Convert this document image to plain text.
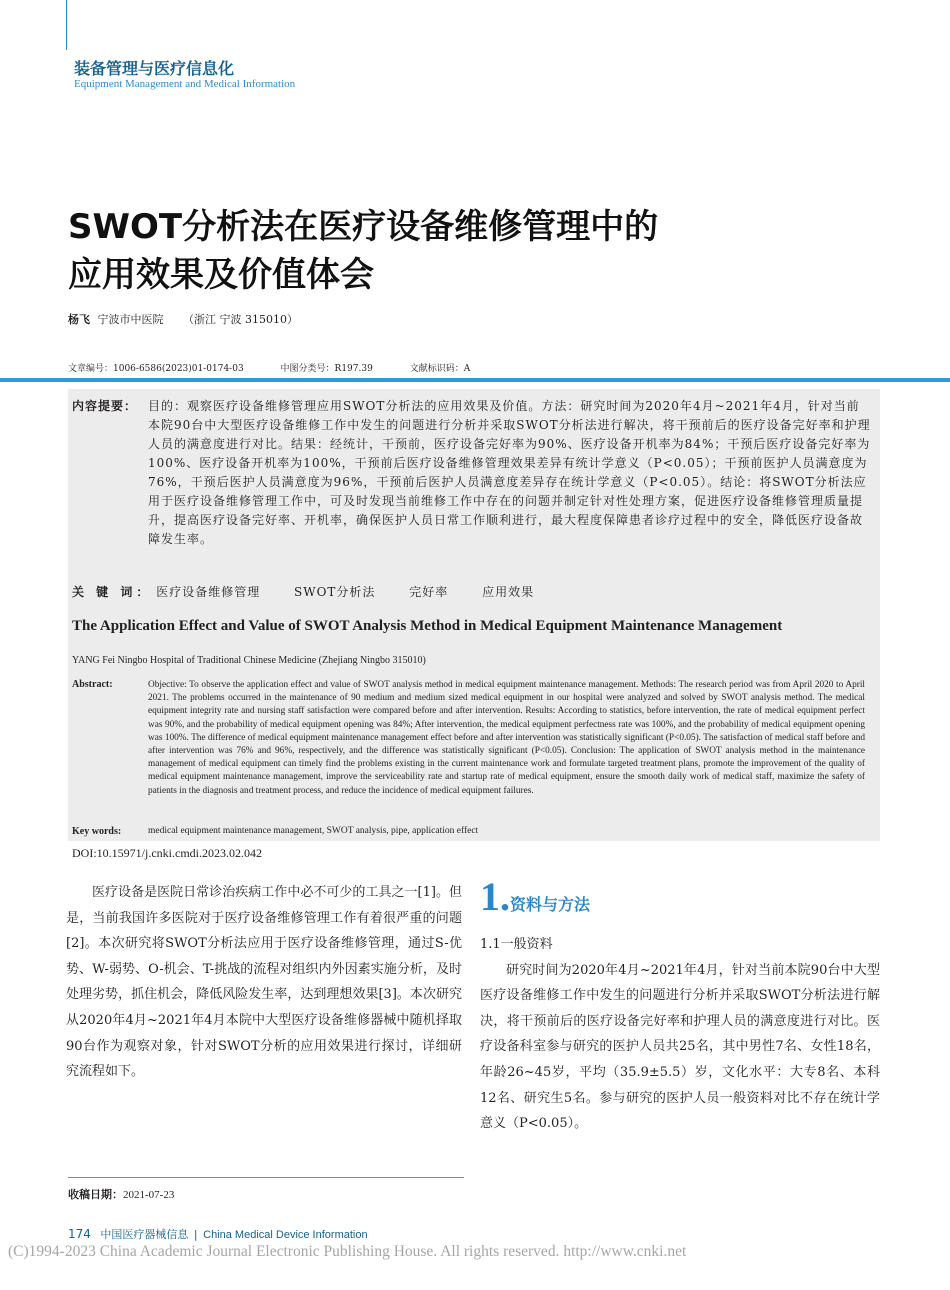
装备管理与医疗信息化
Equipment Management and Medical Information
SWOT分析法在医疗设备维修管理中的
应用效果及价值体会
杨飞 宁波市中医院 （浙江 宁波 315010）
文章编号：1006-6586(2023)01-0174-03	中图分类号：R197.39	文献标识码：A
内容提要： 目的：观察医疗设备维修管理应用SWOT分析法的应用效果及价值。方法：研究时间为2020年4月~2021年4月，针对当前本院90台中大型医疗设备维修工作中发生的问题进行分析并采取SWOT分析法进行解决，将干预前后的医疗设备完好率和护理人员的满意度进行对比。结果：经统计，干预前，医疗设备完好率为90%、医疗设备开机率为84%；干预后医疗设备完好率为100%、医疗设备开机率为100%，干预前后医疗设备维修管理效果差异有统计学意义（P<0.05）；干预前医护人员满意度为76%，干预后医护人员满意度为96%，干预前后医护人员满意度差异存在统计学意义（P<0.05）。结论：将SWOT分析法应用于医疗设备维修管理工作中，可及时发现当前维修工作中存在的问题并制定针对性处理方案，促进医疗设备维修管理质量提升，提高医疗设备完好率、开机率，确保医护人员日常工作顺利进行，最大程度保障患者诊疗过程中的安全，降低医疗设备故障发生率。
关 键 词： 医疗设备维修管理	SWOT分析法	完好率	应用效果
The Application Effect and Value of SWOT Analysis Method in Medical Equipment Maintenance Management
YANG Fei Ningbo Hospital of Traditional Chinese Medicine (Zhejiang Ningbo 315010)
Abstract:	Objective: To observe the application effect and value of SWOT analysis method in medical equipment maintenance management. Methods: The research period was from April 2020 to April 2021. The problems occurred in the maintenance of 90 medium and medium sized medical equipment in our hospital were analyzed and solved by SWOT analysis method. The medical equipment integrity rate and nursing staff satisfaction were compared before and after intervention. Results: According to statistics, before intervention, the rate of medical equipment perfect was 90%, and the probability of medical equipment opening was 84%; After intervention, the medical equipment perfectness rate was 100%, and the probability of medical equipment opening was 100%. The difference of medical equipment maintenance management effect before and after intervention was statistically significant (P<0.05). The satisfaction of medical staff before and after intervention was 76% and 96%, respectively, and the difference was statistically significant (P<0.05). Conclusion: The application of SWOT analysis method in the maintenance management of medical equipment can timely find the problems existing in the current maintenance work and formulate targeted treatment plans, promote the improvement of the quality of medical equipment maintenance management, improve the serviceability rate and startup rate of medical equipment, ensure the smooth daily work of medical staff, maximize the safety of patients in the diagnosis and treatment process, and reduce the incidence of medical equipment failures.
Key words:	medical equipment maintenance management, SWOT analysis, pipe, application effect
DOI:10.15971/j.cnki.cmdi.2023.02.042
医疗设备是医院日常诊治疾病工作中必不可少的工具之一[1]。但是，当前我国许多医院对于医疗设备维修管理工作有着很严重的问题[2]。本次研究将SWOT分析法应用于医疗设备维修管理，通过S-优势、W-弱势、O-机会、T-挑战的流程对组织内外因素实施分析，及时处理劣势，抓住机会，降低风险发生率，达到理想效果[3]。本次研究从2020年4月~2021年4月本院中大型医疗设备维修器械中随机择取90台作为观察对象，针对SWOT分析的应用效果进行探讨，详细研究流程如下。
1.资料与方法
1.1一般资料
研究时间为2020年4月~2021年4月，针对当前本院90台中大型医疗设备维修工作中发生的问题进行分析并采取SWOT分析法进行解决，将干预前后的医疗设备完好率和护理人员的满意度进行对比。医疗设备科室参与研究的医护人员共25名，其中男性7名、女性18名，年龄26~45岁，平均（35.9±5.5）岁，文化水平：大专8名、本科12名、研究生5名。参与研究的医护人员一般资料对比不存在统计学意义（P<0.05）。
收稿日期：2021-07-23
174 中国医疗器械信息 | China Medical Device Information
(C)1994-2023 China Academic Journal Electronic Publishing House. All rights reserved. http://www.cnki.net
